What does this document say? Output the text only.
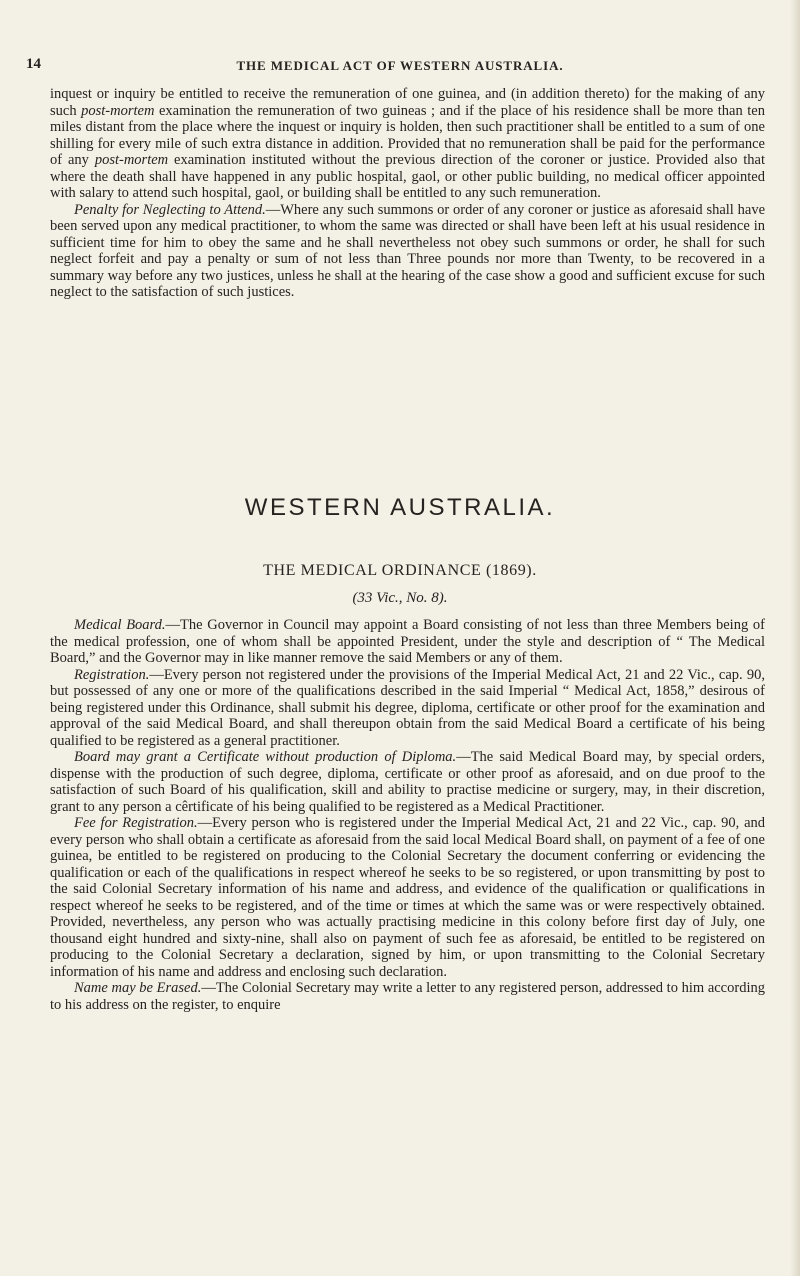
14	THE MEDICAL ACT OF WESTERN AUSTRALIA.

inquest or inquiry be entitled to receive the remuneration of one guinea, and (in addition thereto) for the making of any such post-mortem examination the remuneration of two guineas ; and if the place of his residence shall be more than ten miles distant from the place where the inquest or inquiry is holden, then such practitioner shall be entitled to a sum of one shilling for every mile of such extra distance in addition. Provided that no remuneration shall be paid for the performance of any post-mortem examination instituted without the previous direction of the coroner or justice. Provided also that where the death shall have happened in any public hospital, gaol, or other public building, no medical officer appointed with salary to attend such hospital, gaol, or building shall be entitled to any such remuneration.

Penalty for Neglecting to Attend.—Where any such summons or order of any coroner or justice as aforesaid shall have been served upon any medical practitioner, to whom the same was directed or shall have been left at his usual residence in sufficient time for him to obey the same and he shall nevertheless not obey such summons or order, he shall for such neglect forfeit and pay a penalty or sum of not less than Three pounds nor more than Twenty, to be recovered in a summary way before any two justices, unless he shall at the hearing of the case show a good and sufficient excuse for such neglect to the satisfaction of such justices.

WESTERN AUSTRALIA.
THE MEDICAL ORDINANCE (1869).
(33 Vic., No. 8).

Medical Board.—The Governor in Council may appoint a Board consisting of not less than three Members being of the medical profession, one of whom shall be appointed President, under the style and description of “ The Medical Board,” and the Governor may in like manner remove the said Members or any of them.

Registration.—Every person not registered under the provisions of the Imperial Medical Act, 21 and 22 Vic., cap. 90, but possessed of any one or more of the qualifications described in the said Imperial “ Medical Act, 1858,” desirous of being registered under this Ordinance, shall submit his degree, diploma, certificate or other proof for the examination and approval of the said Medical Board, and shall thereupon obtain from the said Medical Board a certificate of his being qualified to be registered as a general practitioner.

Board may grant a Certificate without production of Diploma.—The said Medical Board may, by special orders, dispense with the production of such degree, diploma, certificate or other proof as aforesaid, and on due proof to the satisfaction of such Board of his qualification, skill and ability to practise medicine or surgery, may, in their discretion, grant to any person a cêrtificate of his being qualified to be registered as a Medical Practitioner.

Fee for Registration.—Every person who is registered under the Imperial Medical Act, 21 and 22 Vic., cap. 90, and every person who shall obtain a certificate as aforesaid from the said local Medical Board shall, on payment of a fee of one guinea, be entitled to be registered on producing to the Colonial Secretary the document conferring or evidencing the qualification or each of the qualifications in respect whereof he seeks to be so registered, or upon transmitting by post to the said Colonial Secretary information of his name and address, and evidence of the qualification or qualifications in respect whereof he seeks to be registered, and of the time or times at which the same was or were respectively obtained. Provided, nevertheless, any person who was actually practising medicine in this colony before first day of July, one thousand eight hundred and sixty-nine, shall also on payment of such fee as aforesaid, be entitled to be registered on producing to the Colonial Secretary a declaration, signed by him, or upon transmitting to the Colonial Secretary information of his name and address and enclosing such declaration.

Name may be Erased.—The Colonial Secretary may write a letter to any registered person, addressed to him according to his address on the register, to enquire
